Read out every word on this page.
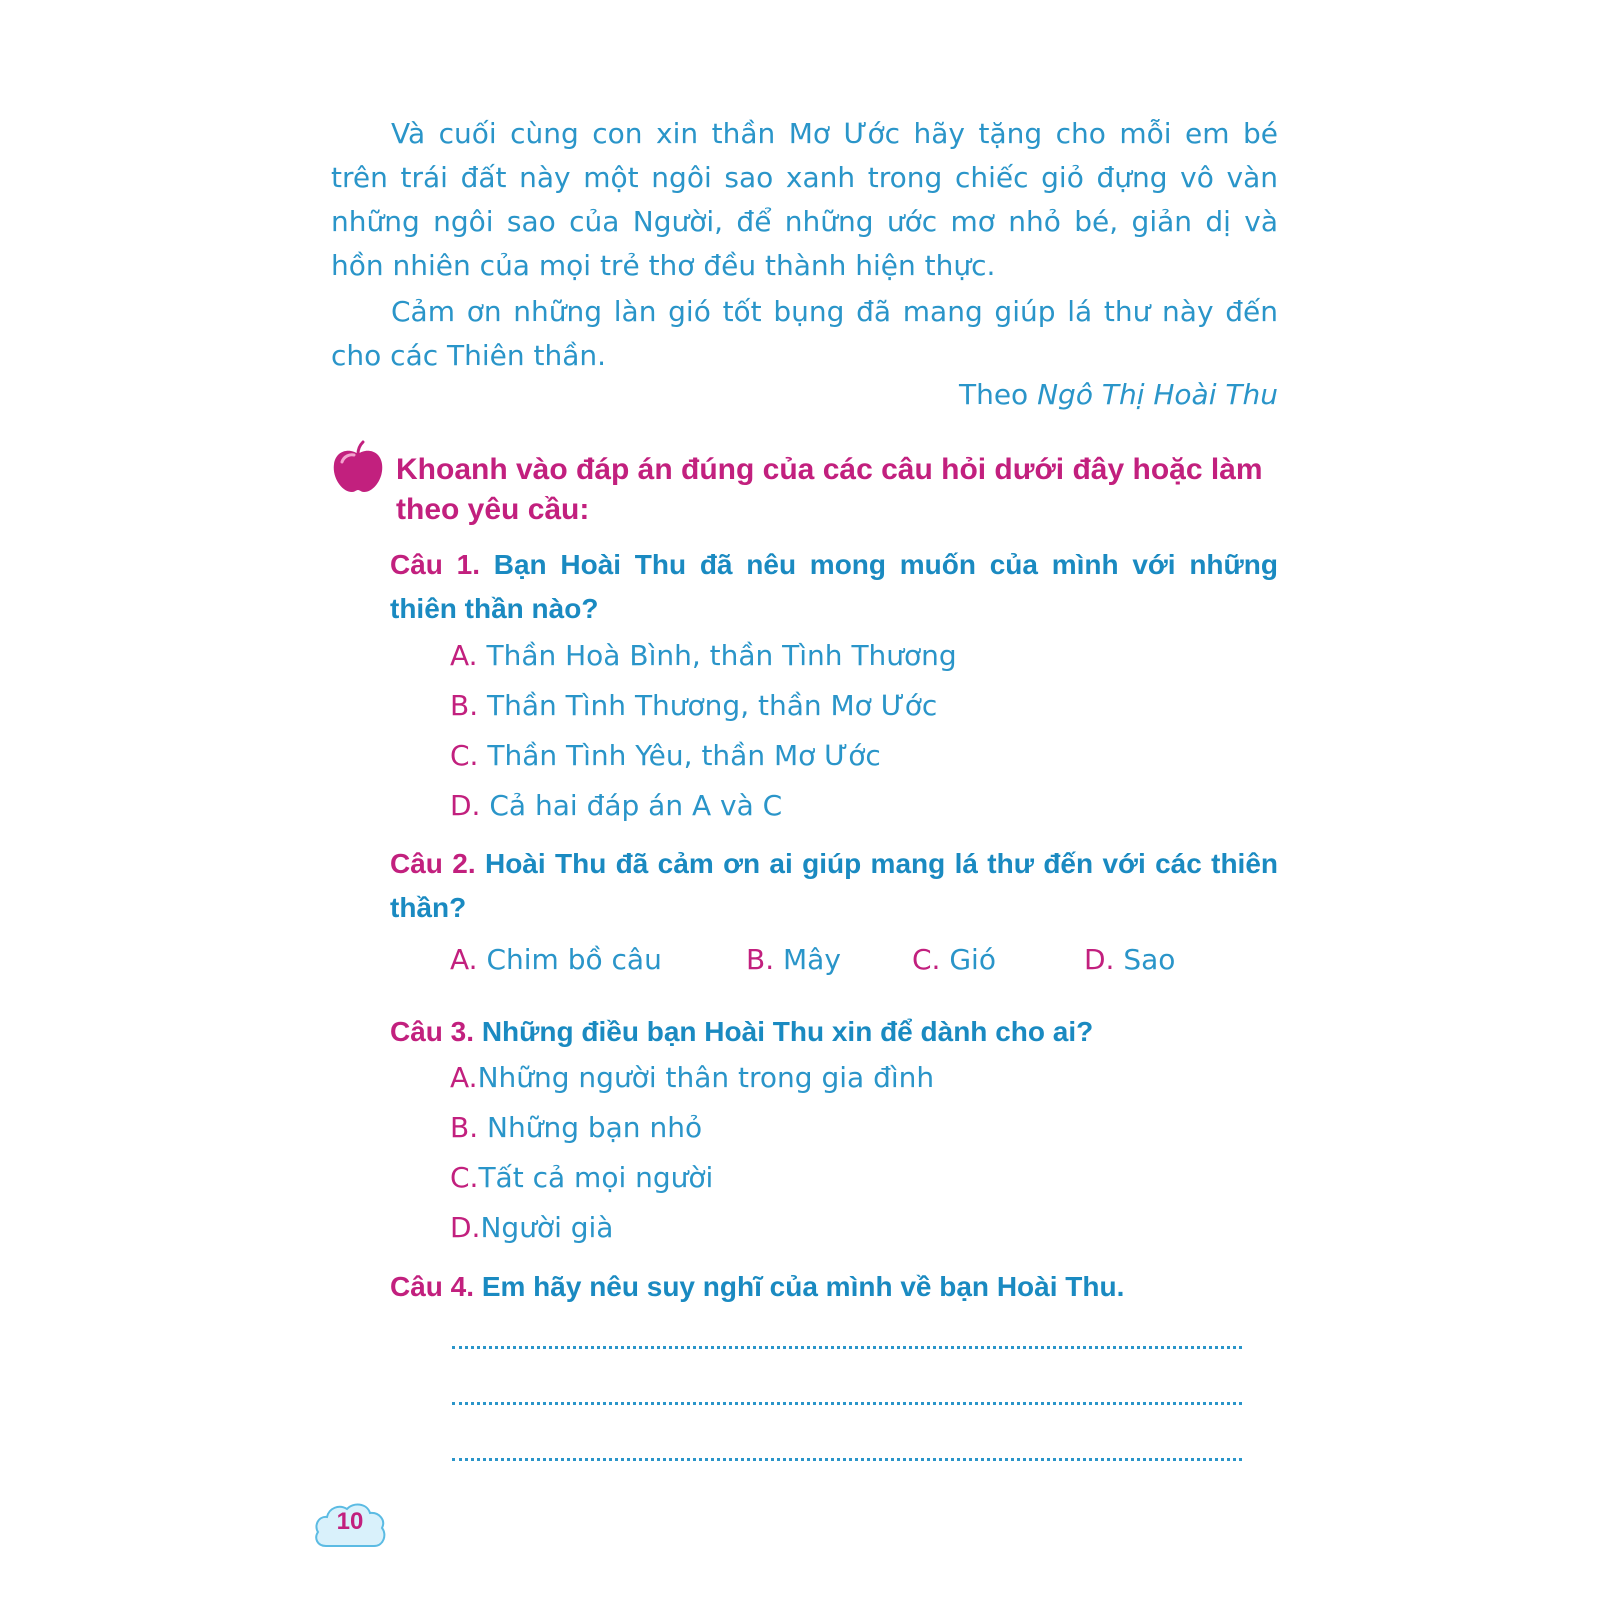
Và cuối cùng con xin thần Mơ Ước hãy tặng cho mỗi em bé trên trái đất này một ngôi sao xanh trong chiếc giỏ đựng vô vàn những ngôi sao của Người, để những ước mơ nhỏ bé, giản dị và hồn nhiên của mọi trẻ thơ đều thành hiện thực.

Cảm ơn những làn gió tốt bụng đã mang giúp lá thư này đến cho các Thiên thần.

Theo Ngô Thị Hoài Thu

Khoanh vào đáp án đúng của các câu hỏi dưới đây hoặc làm theo yêu cầu:

Câu 1. Bạn Hoài Thu đã nêu mong muốn của mình với những thiên thần nào?

A. Thần Hoà Bình, thần Tình Thương
B. Thần Tình Thương, thần Mơ Ước
C. Thần Tình Yêu, thần Mơ Ước
D. Cả hai đáp án A và C

Câu 2. Hoài Thu đã cảm ơn ai giúp mang lá thư đến với các thiên thần?

A. Chim bồ câu	B. Mây	C. Gió	D. Sao

Câu 3. Những điều bạn Hoài Thu xin để dành cho ai?

A.Những người thân trong gia đình
B. Những bạn nhỏ
C.Tất cả mọi người
D.Người già

Câu 4. Em hãy nêu suy nghĩ của mình về bạn Hoài Thu.

10
